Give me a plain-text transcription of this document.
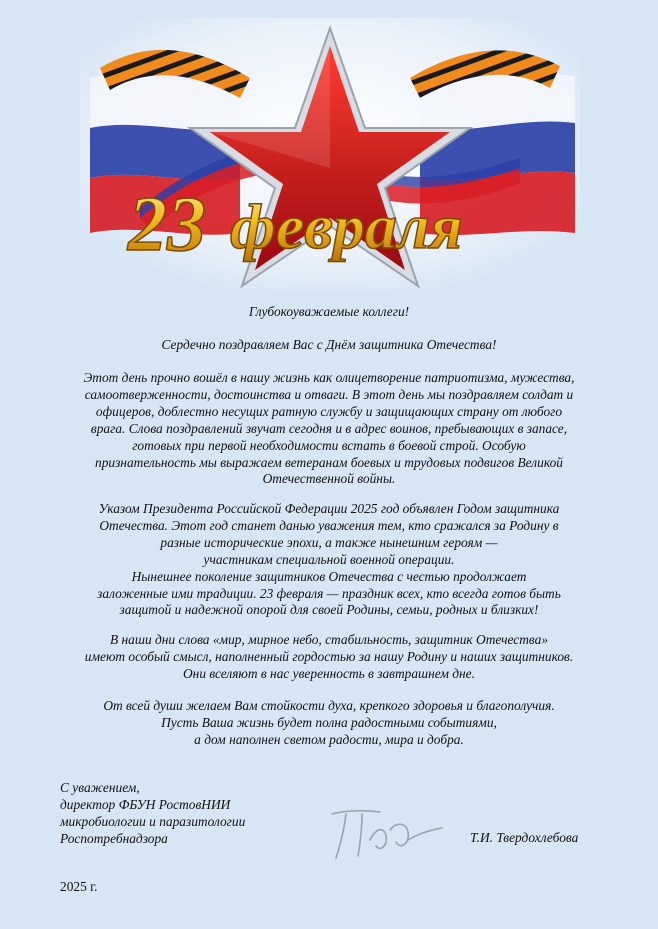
23 февраля

Глубокоуважаемые коллеги!

Сердечно поздравляем Вас с Днём защитника Отечества!

Этот день прочно вошёл в нашу жизнь как олицетворение патриотизма, мужества,
самоотверженности, достоинства и отваги. В этот день мы поздравляем солдат и
офицеров, доблестно несущих ратную службу и защищающих страну от любого
врага. Слова поздравлений звучат сегодня и в адрес воинов, пребывающих в запасе,
готовых при первой необходимости встать в боевой строй. Особую
признательность мы выражаем ветеранам боевых и трудовых подвигов Великой
Отечественной войны.

Указом Президента Российской Федерации 2025 год объявлен Годом защитника
Отечества. Этот год станет данью уважения тем, кто сражался за Родину в
разные исторические эпохи, а также нынешним героям —
участникам специальной военной операции.
Нынешнее поколение защитников Отечества с честью продолжает
заложенные ими традиции. 23 февраля — праздник всех, кто всегда готов быть
защитой и надежной опорой для своей Родины, семьи, родных и близких!

В наши дни слова «мир, мирное небо, стабильность, защитник Отечества»
имеют особый смысл, наполненный гордостью за нашу Родину и наших защитников.
Они вселяют в нас уверенность в завтрашнем дне.

От всей души желаем Вам стойкости духа, крепкого здоровья и благополучия.
Пусть Ваша жизнь будет полна радостными событиями,
а дом наполнен светом радости, мира и добра.

С уважением,
директор ФБУН РостовНИИ
микробиологии и паразитологии
Роспотребнадзора	Т.И. Твердохлебова
2025 г.
